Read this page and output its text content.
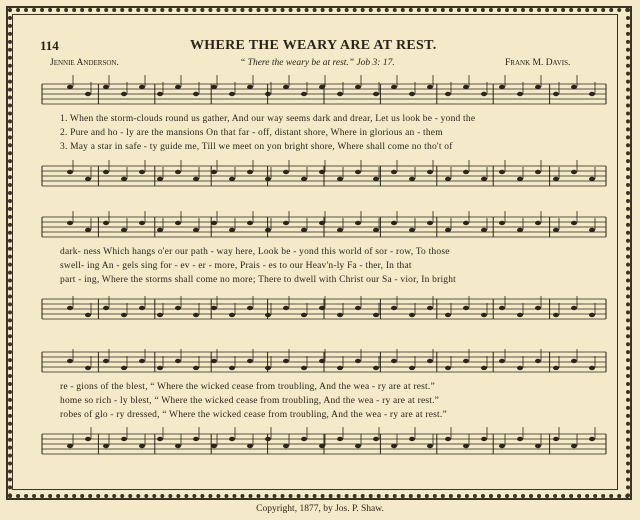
114	WHERE THE WEARY ARE AT REST.
Jennie Anderson.	“ There the weary be at rest.” Job 3: 17.	Frank M. Davis.
1. When the storm-clouds round us gather, And our way seems dark and drear, Let us look be - yond the
2. Pure and ho - ly are the mansions On that far - off, distant shore, Where in glorious an - them
3. May a star in safe - ty guide me, Till we meet on yon bright shore, Where shall come no tho't of
dark- ness Which hangs o'er our path - way here, Look be - yond this world of sor - row, To those
swell- ing An - gels sing for - ev - er - more, Prais - es to our Heav'n-ly Fa - ther, In that
part - ing, Where the storms shall come no more; There to dwell with Christ our Sa - vior, In bright
re - gions of the blest, “ Where the wicked cease from troubling, And the wea - ry are at rest.”
home so rich - ly blest, “ Where the wicked cease from troubling, And the wea - ry are at rest.”
robes of glo - ry dressed, “ Where the wicked cease from troubling, And the wea - ry are at rest.”
Copyright, 1877, by Jos. P. Shaw.
